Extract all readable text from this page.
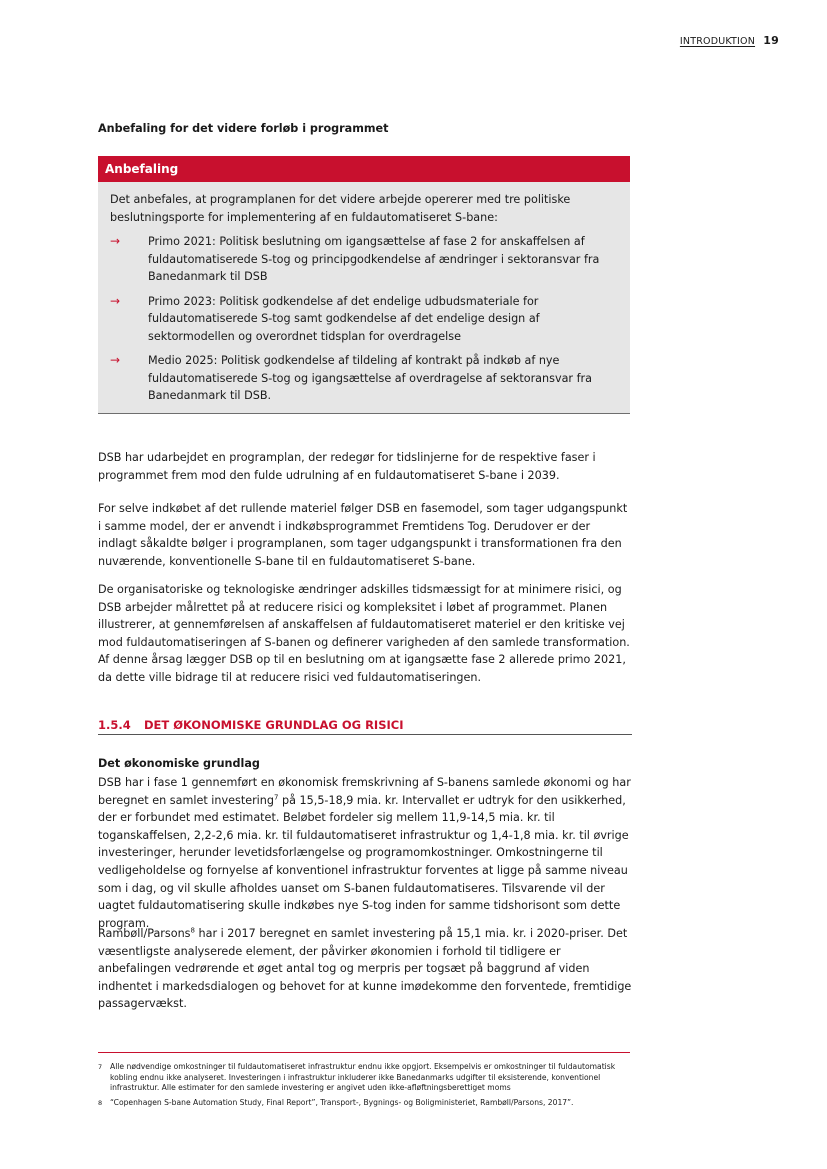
INTRODUKTION 19
Anbefaling for det videre forløb i programmet
Anbefaling

Det anbefales, at programplanen for det videre arbejde opererer med tre politiske beslutningsporte for implementering af en fuldautomatiseret S-bane:

→	Primo 2021: Politisk beslutning om igangsættelse af fase 2 for anskaffelsen af fuldautomatiserede S-tog og principgodkendelse af ændringer i sektoransvar fra Banedanmark til DSB
→	Primo 2023: Politisk godkendelse af det endelige udbudsmateriale for fuldautomatiserede S-tog samt godkendelse af det endelige design af sektormodellen og overordnet tidsplan for overdragelse
→	Medio 2025: Politisk godkendelse af tildeling af kontrakt på indkøb af nye fuldautomatiserede S-tog og igangsættelse af overdragelse af sektoransvar fra Banedanmark til DSB.

DSB har udarbejdet en programplan, der redegør for tidslinjerne for de respektive faser i programmet frem mod den fulde udrulning af en fuldautomatiseret S-bane i 2039.

For selve indkøbet af det rullende materiel følger DSB en fasemodel, som tager udgangspunkt i samme model, der er anvendt i indkøbsprogrammet Fremtidens Tog. Derudover er der indlagt såkaldte bølger i programplanen, som tager udgangspunkt i transformationen fra den nuværende, konventionelle S-bane til en fuldautomatiseret S-bane.

De organisatoriske og teknologiske ændringer adskilles tidsmæssigt for at minimere risici, og DSB arbejder målrettet på at reducere risici og kompleksitet i løbet af programmet. Planen illustrerer, at gennemførelsen af anskaffelsen af fuldautomatiseret materiel er den kritiske vej mod fuldautomatiseringen af S-banen og definerer varigheden af den samlede transformation. Af denne årsag lægger DSB op til en beslutning om at igangsætte fase 2 allerede primo 2021, da dette ville bidrage til at reducere risici ved fuldautomatiseringen.

1.5.4 DET ØKONOMISKE GRUNDLAG OG RISICI
Det økonomiske grundlag

DSB har i fase 1 gennemført en økonomisk fremskrivning af S-banens samlede økonomi og har beregnet en samlet investering$^7$ på 15,5-18,9 mia. kr. Intervallet er udtryk for den usikkerhed, der er forbundet med estimatet. Beløbet fordeler sig mellem 11,9-14,5 mia. kr. til toganskaffelsen, 2,2-2,6 mia. kr. til fuldautomatiseret infrastruktur og 1,4-1,8 mia. kr. til øvrige investeringer, herunder levetidsforlængelse og programomkostninger. Omkostningerne til vedligeholdelse og fornyelse af konventionel infrastruktur forventes at ligge på samme niveau som i dag, og vil skulle afholdes uanset om S-banen fuldautomatiseres. Tilsvarende vil der uagtet fuldautomatisering skulle indkøbes nye S-tog inden for samme tidshorisont som dette program.

Rambøll/Parsons$^8$ har i 2017 beregnet en samlet investering på 15,1 mia. kr. i 2020-priser. Det væsentligste analyserede element, der påvirker økonomien i forhold til tidligere er anbefalingen vedrørende et øget antal tog og merpris per togsæt på baggrund af viden indhentet i markedsdialogen og behovet for at kunne imødekomme den forventede, fremtidige passagervækst.

7	Alle nødvendige omkostninger til fuldautomatiseret infrastruktur endnu ikke opgjort. Eksempelvis er omkostninger til fuldautomatisk kobling endnu ikke analyseret. Investeringen i infrastruktur inkluderer ikke Banedanmarks udgifter til eksisterende, konventionel infrastruktur. Alle estimater for den samlede investering er angivet uden ikke-afløftningsberettiget moms
8	“Copenhagen S-bane Automation Study, Final Report”, Transport-, Bygnings- og Boligministeriet, Rambøll/Parsons, 2017”.
